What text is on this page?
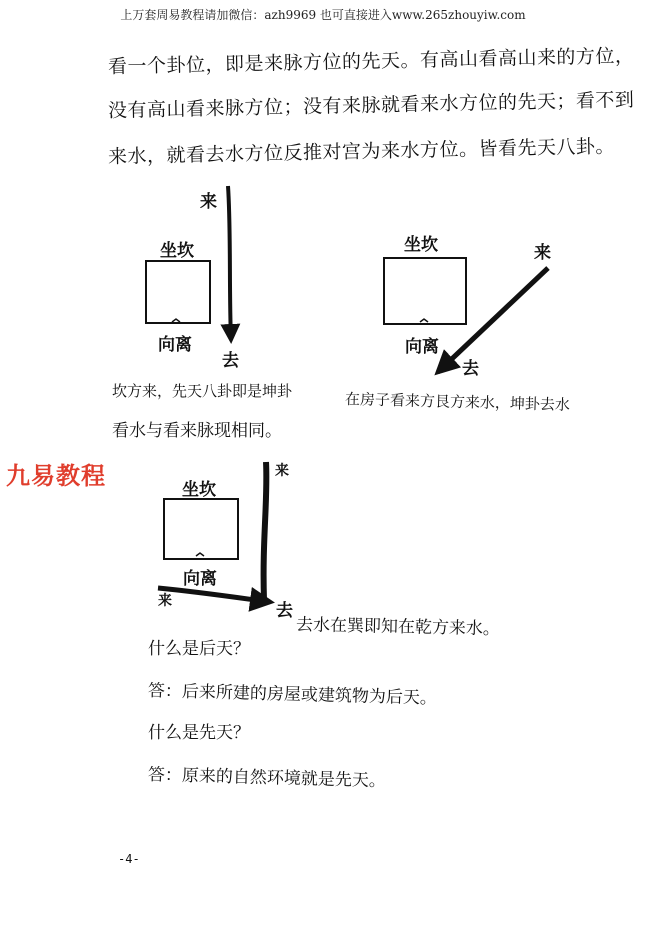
上万套周易教程请加微信：azh9969 也可直接进入www.265zhouyiw.com
看一个卦位，即是来脉方位的先天。有高山看高山来的方位，
没有高山看来脉方位；没有来脉就看来水方位的先天；看不到
来水，就看去水方位反推对宫为来水方位。皆看先天八卦。
来
坐坎
向离
去
坎方来，先天八卦即是坤卦
坐坎	来
向离
去
在房子看来方艮方来水，坤卦去水
看水与看来脉现相同。
九易教程	来
坐坎
向离
来	去
去水在巽即知在乾方来水。
什么是后天？
答：后来所建的房屋或建筑物为后天。
什么是先天？
答：原来的自然环境就是先天。
-4-
